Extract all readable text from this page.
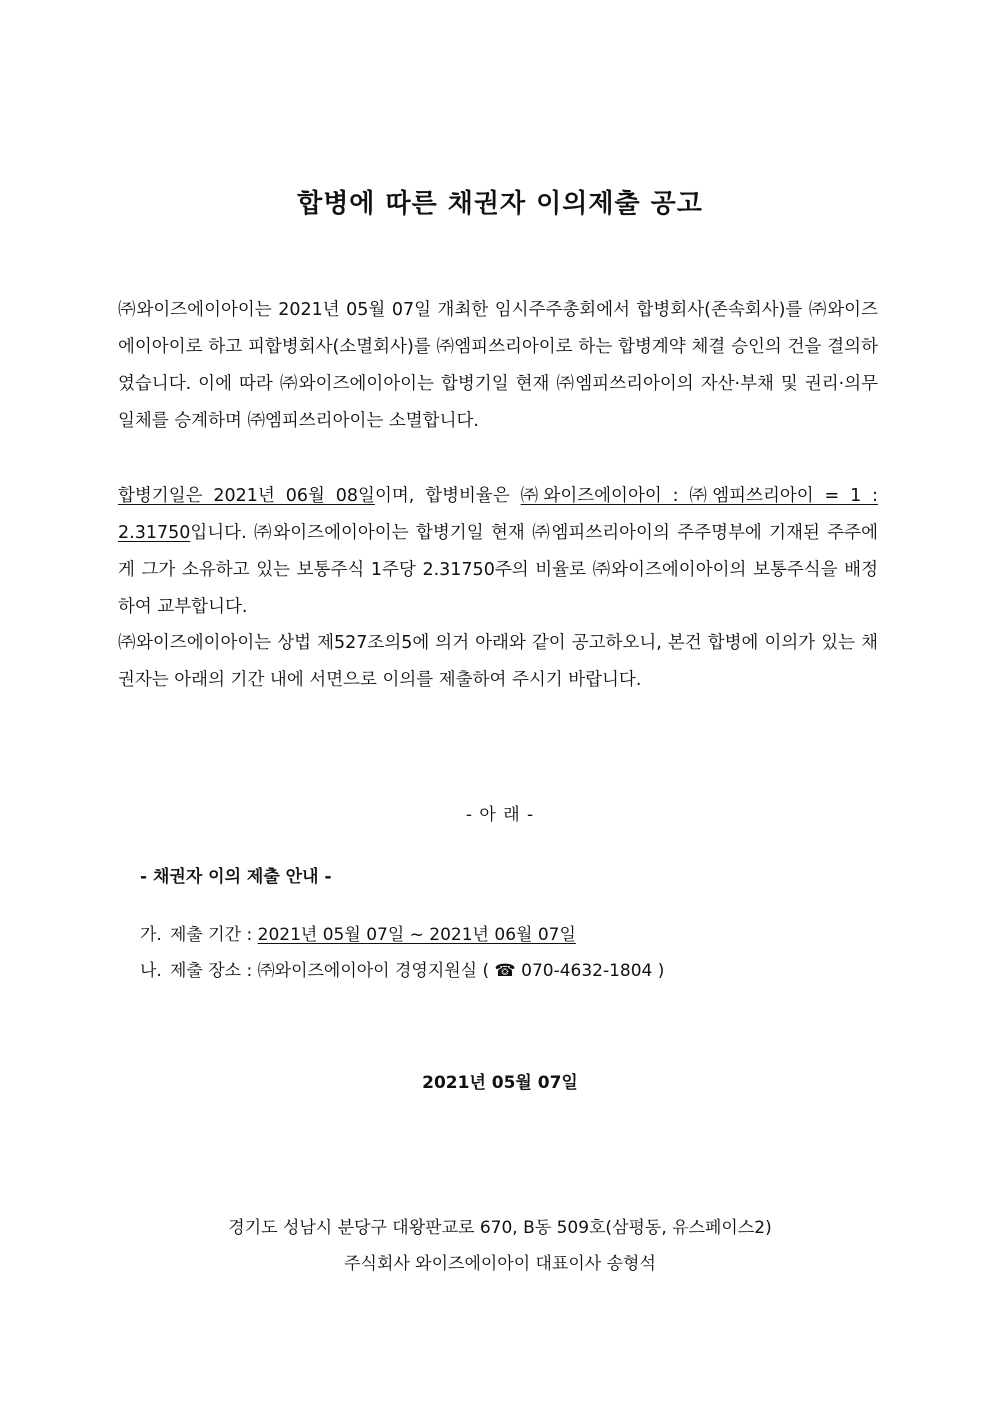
합병에 따른 채권자 이의제출 공고

㈜와이즈에이아이는 2021년 05월 07일 개최한 임시주주총회에서 합병회사(존속회사)를 ㈜와이즈에이아이로 하고 피합병회사(소멸회사)를 ㈜엠피쓰리아이로 하는 합병계약 체결 승인의 건을 결의하였습니다. 이에 따라 ㈜와이즈에이아이는 합병기일 현재 ㈜엠피쓰리아이의 자산·부채 및 권리·의무 일체를 승계하며 ㈜엠피쓰리아이는 소멸합니다.

합병기일은 2021년 06월 08일이며, 합병비율은 ㈜와이즈에이아이 : ㈜엠피쓰리아이 = 1 : 2.31750입니다. ㈜와이즈에이아이는 합병기일 현재 ㈜엠피쓰리아이의 주주명부에 기재된 주주에게 그가 소유하고 있는 보통주식 1주당 2.31750주의 비율로 ㈜와이즈에이아이의 보통주식을 배정하여 교부합니다.

㈜와이즈에이아이는 상법 제527조의5에 의거 아래와 같이 공고하오니, 본건 합병에 이의가 있는 채권자는 아래의 기간 내에 서면으로 이의를 제출하여 주시기 바랍니다.

- 아 래 -
- 채권자 이의 제출 안내 -
가. 제출 기간 : 2021년 05월 07일 ~ 2021년 06월 07일
나. 제출 장소 : ㈜와이즈에이아이 경영지원실 ( ☎ 070-4632-1804 )
2021년 05월 07일
경기도 성남시 분당구 대왕판교로 670, B동 509호(삼평동, 유스페이스2)
주식회사 와이즈에이아이 대표이사 송형석
